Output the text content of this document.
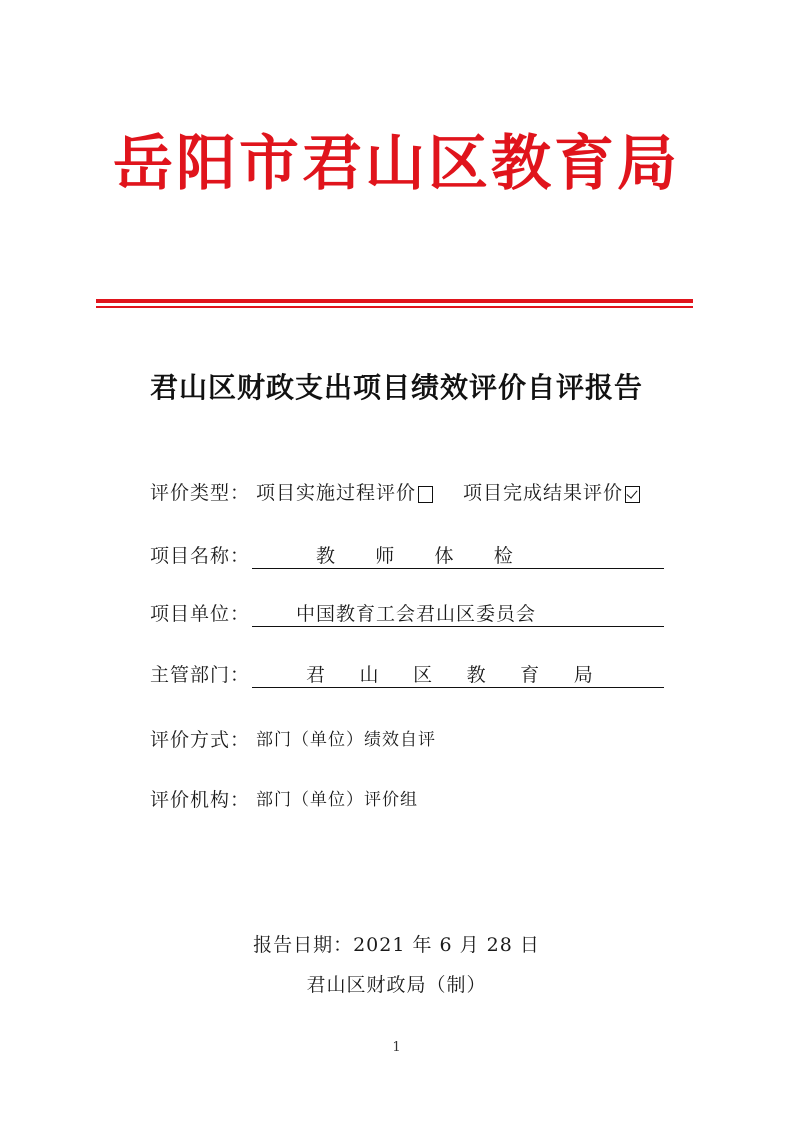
岳阳市君山区教育局
君山区财政支出项目绩效评价自评报告
评价类型： 项目实施过程评价 项目完成结果评价
项目名称：	教 师 体 检
项目单位：	中国教育工会君山区委员会
主管部门：	君 山 区 教 育 局
评价方式： 部门（单位）绩效自评
评价机构： 部门（单位）评价组
报告日期：2021 年 6 月 28 日
君山区财政局（制）
1
